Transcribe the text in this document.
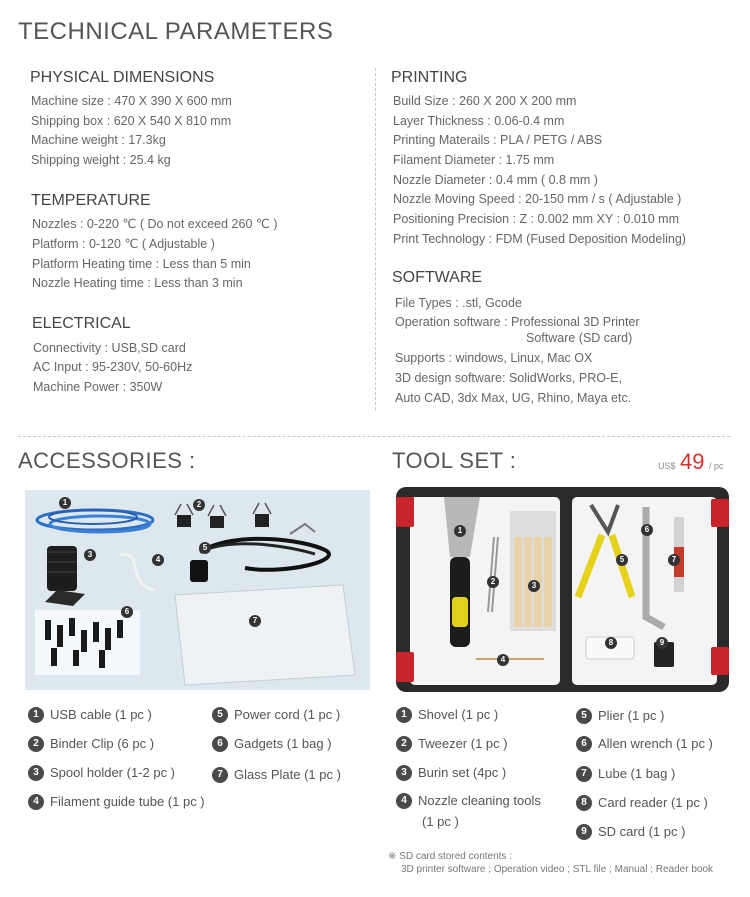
TECHNICAL PARAMETERS
PHYSICAL DIMENSIONS
Machine size : 470 X 390 X 600 mm
Shipping box : 620 X 540 X 810 mm
Machine weight : 17.3kg
Shipping weight : 25.4 kg
TEMPERATURE
Nozzles : 0-220 ℃ ( Do not exceed 260 ℃ )
Platform : 0-120 ℃ ( Adjustable )
Platform Heating time : Less than 5 min
Nozzle Heating time : Less than 3 min
ELECTRICAL
Connectivity : USB,SD card
AC Input : 95-230V, 50-60Hz
Machine Power : 350W
PRINTING
Build Size : 260 X 200 X 200 mm
Layer Thickness : 0.06-0.4 mm
Printing Materails : PLA / PETG / ABS
Filament Diameter : 1.75 mm
Nozzle Diameter : 0.4 mm ( 0.8 mm )
Nozzle Moving Speed : 20-150 mm / s ( Adjustable )
Positioning Precision : Z : 0.002 mm XY : 0.010 mm
Print Technology : FDM (Fused Deposition Modeling)
SOFTWARE
File Types : .stl, Gcode
Operation software : Professional 3D Printer
Software (SD card)
Supports : windows, Linux, Mac OX
3D design software: SolidWorks, PRO-E,
Auto CAD, 3dx Max, UG, Rhino, Maya etc.
ACCESSORIES :
1	2
3
4
5
6
7
1 USB cable (1 pc )
2 Binder Clip (6 pc )
3 Spool holder (1-2 pc )
4 Filament guide tube (1 pc )
5 Power cord (1 pc )
6 Gadgets (1 bag )
7 Glass Plate (1 pc )
TOOL SET :	US$ 49 / pc
1
2	3
4
5
6
7
8	9
1 Shovel (1 pc )
2 Tweezer (1 pc )
3 Burin set (4pc )
4 Nozzle cleaning tools
(1 pc )
5 Plier (1 pc )
6 Allen wrench (1 pc )
7 Lube (1 bag )
8 Card reader (1 pc )
9 SD card (1 pc )
※ SD card stored contents :
3D printer software ; Operation video ; STL file ; Manual ; Reader book
